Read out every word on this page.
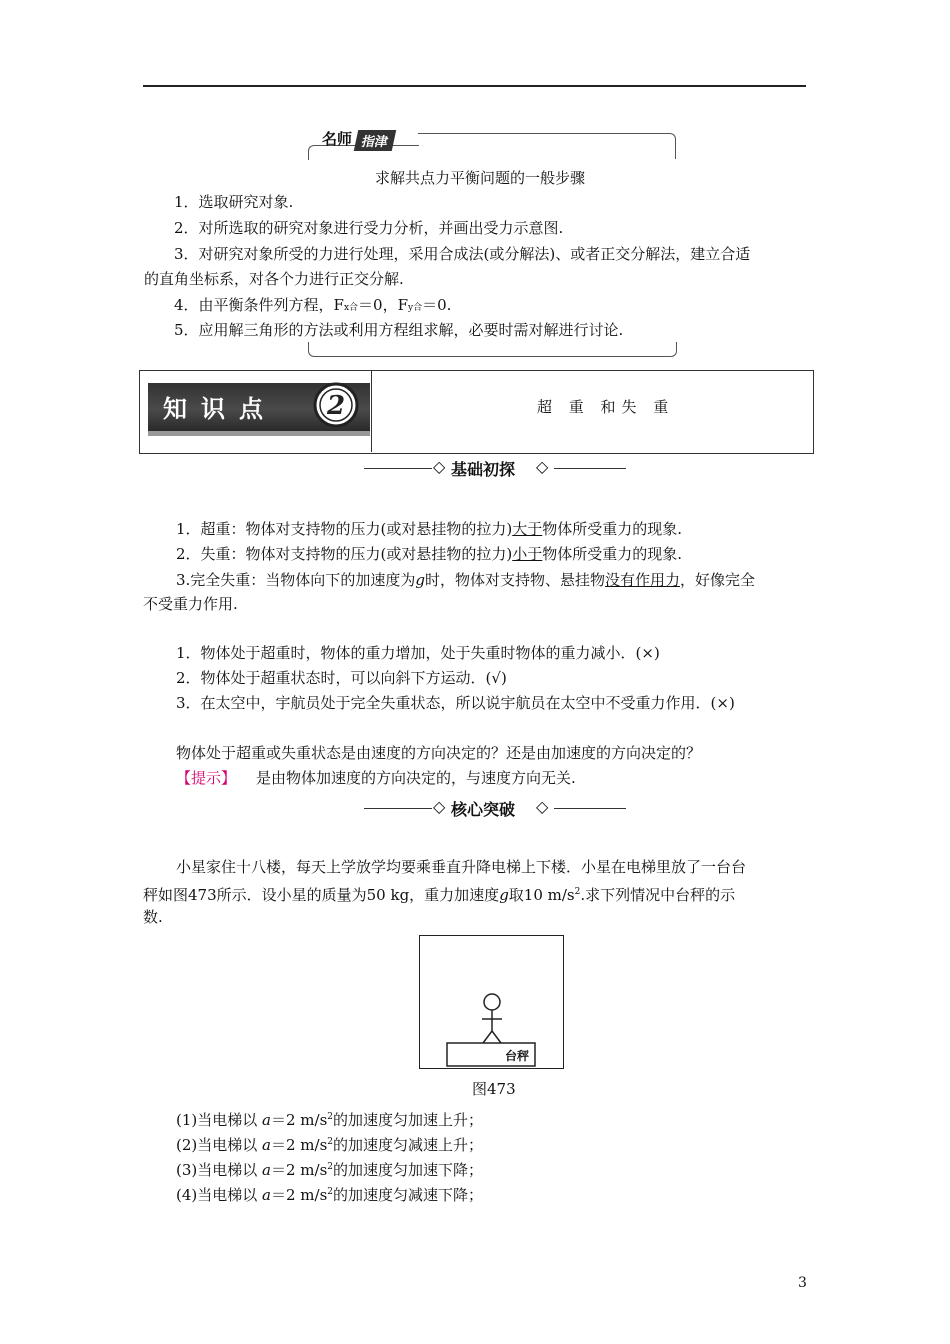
名师 指津
求解共点力平衡问题的一般步骤
1．选取研究对象.
2．对所选取的研究对象进行受力分析，并画出受力示意图.
3．对研究对象所受的力进行处理，采用合成法(或分解法)、或者正交分解法，建立合适
的直角坐标系，对各个力进行正交分解.
4．由平衡条件列方程，Fx合＝0，Fy合＝0.
5．应用解三角形的方法或利用方程组求解，必要时需对解进行讨论.
知识点 2	超 重 和失 重
◇ 基础初探 ◇
1．超重：物体对支持物的压力(或对悬挂物的拉力)大于物体所受重力的现象.
2．失重：物体对支持物的压力(或对悬挂物的拉力)小于物体所受重力的现象.
3.完全失重：当物体向下的加速度为g时，物体对支持物、悬挂物没有作用力，好像完全
不受重力作用.
1．物体处于超重时，物体的重力增加，处于失重时物体的重力减小．(×)
2．物体处于超重状态时，可以向斜下方运动．(√)
3．在太空中，宇航员处于完全失重状态，所以说宇航员在太空中不受重力作用．(×)
物体处于超重或失重状态是由速度的方向决定的？还是由加速度的方向决定的？
【提示】 是由物体加速度的方向决定的，与速度方向无关.
◇ 核心突破 ◇
小星家住十八楼，每天上学放学均要乘垂直升降电梯上下楼．小星在电梯里放了一台台
秤如图473所示．设小星的质量为50 kg，重力加速度g取10 $m/s^2$.求下列情况中台秤的示
数.
台秤
图473
(1)当电梯以 a＝2 $m/s^2$的加速度匀加速上升；
(2)当电梯以 a＝2 $m/s^2$的加速度匀减速上升；
(3)当电梯以 a＝2 $m/s^2$的加速度匀加速下降；
(4)当电梯以 a＝2 $m/s^2$的加速度匀减速下降；
3
